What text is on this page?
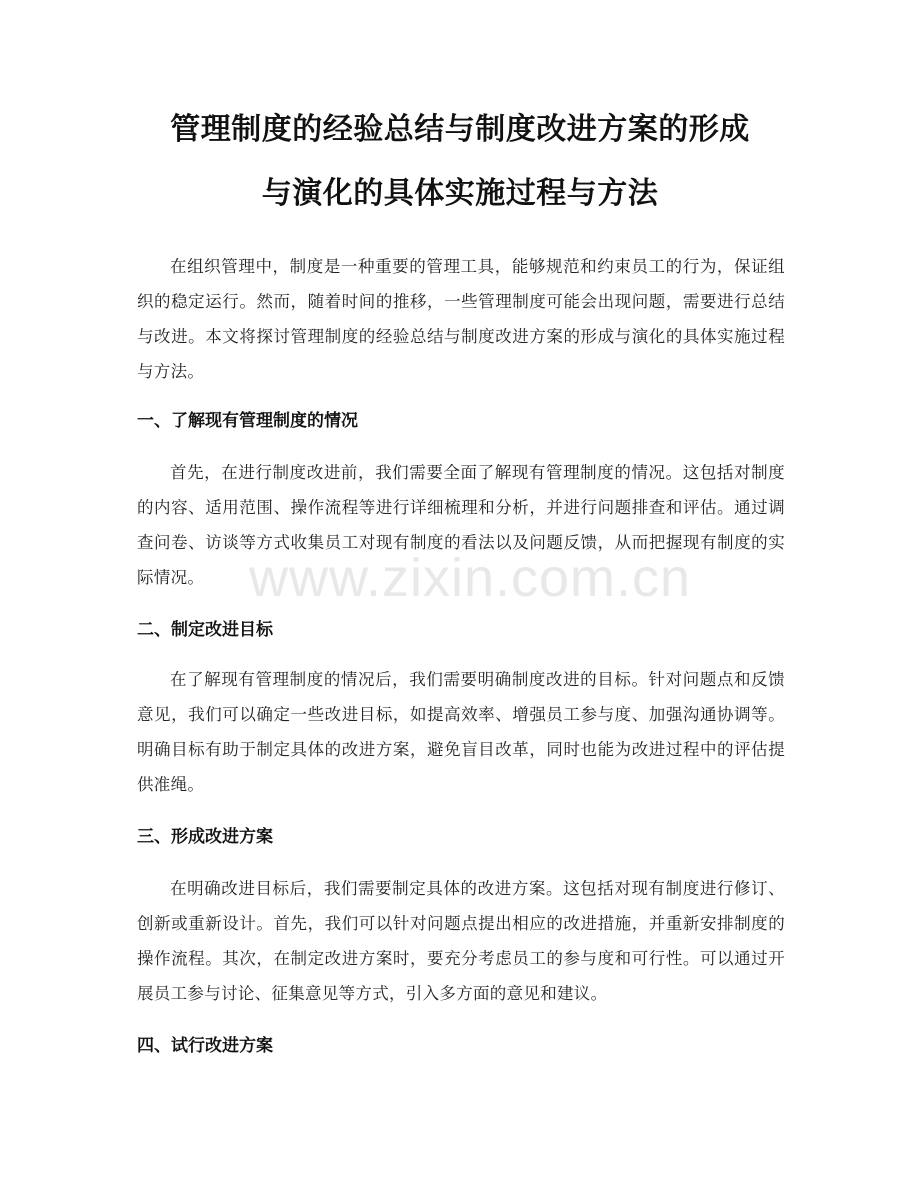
管理制度的经验总结与制度改进方案的形成
与演化的具体实施过程与方法

在组织管理中，制度是一种重要的管理工具，能够规范和约束员工的行为，保证组织的稳定运行。然而，随着时间的推移，一些管理制度可能会出现问题，需要进行总结与改进。本文将探讨管理制度的经验总结与制度改进方案的形成与演化的具体实施过程与方法。

一、了解现有管理制度的情况

首先，在进行制度改进前，我们需要全面了解现有管理制度的情况。这包括对制度的内容、适用范围、操作流程等进行详细梳理和分析，并进行问题排查和评估。通过调查问卷、访谈等方式收集员工对现有制度的看法以及问题反馈，从而把握现有制度的实际情况。

二、制定改进目标

在了解现有管理制度的情况后，我们需要明确制度改进的目标。针对问题点和反馈意见，我们可以确定一些改进目标，如提高效率、增强员工参与度、加强沟通协调等。明确目标有助于制定具体的改进方案，避免盲目改革，同时也能为改进过程中的评估提供准绳。

三、形成改进方案

在明确改进目标后，我们需要制定具体的改进方案。这包括对现有制度进行修订、创新或重新设计。首先，我们可以针对问题点提出相应的改进措施，并重新安排制度的操作流程。其次，在制定改进方案时，要充分考虑员工的参与度和可行性。可以通过开展员工参与讨论、征集意见等方式，引入多方面的意见和建议。

四、试行改进方案
www.zixin.com.cn
